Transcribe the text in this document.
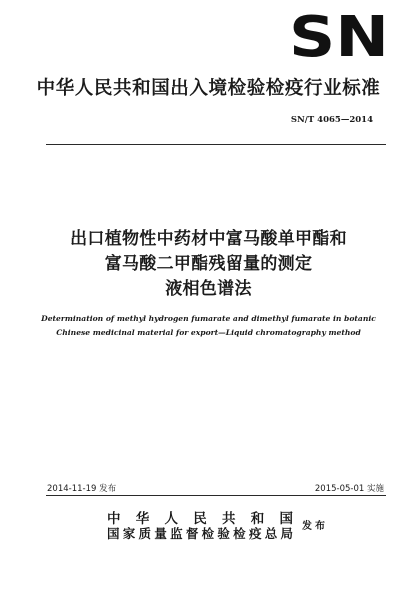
SN
中华人民共和国出入境检验检疫行业标准
SN/T 4065—2014
出口植物性中药材中富马酸单甲酯和
富马酸二甲酯残留量的测定
液相色谱法
Determination of methyl hydrogen fumarate and dimethyl fumarate in botanic
Chinese medicinal material for export—Liquid chromatography method
2014-11-19 发布	2015-05-01 实施
中华人民共和国
国家质量监督检验检疫总局 发布
